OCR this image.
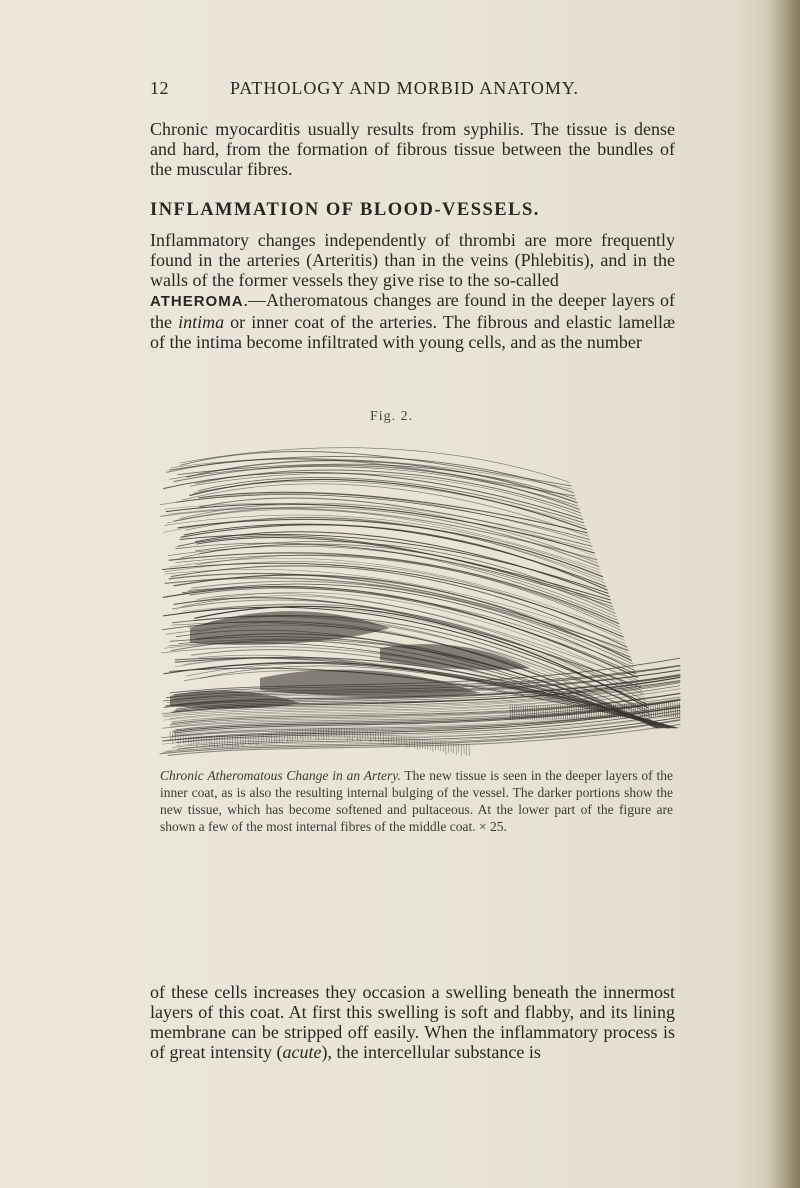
12	PATHOLOGY AND MORBID ANATOMY.

Chronic myocarditis usually results from syphilis. The tissue is dense and hard, from the formation of fibrous tissue between the bundles of the muscular fibres.

INFLAMMATION OF BLOOD-VESSELS.

Inflammatory changes independently of thrombi are more frequently found in the arteries (Arteritis) than in the veins (Phlebitis), and in the walls of the former vessels they give rise to the so-called
ATHEROMA.—Atheromatous changes are found in the deeper layers of the intima or inner coat of the arteries. The fibrous and elastic lamellæ of the intima become infiltrated with young cells, and as the number

Fig. 2.

Chronic Atheromatous Change in an Artery. The new tissue is seen in the deeper layers of the inner coat, as is also the resulting internal bulging of the vessel. The darker portions show the new tissue, which has become softened and pultaceous. At the lower part of the figure are shown a few of the most internal fibres of the middle coat. × 25.

of these cells increases they occasion a swelling beneath the innermost layers of this coat. At first this swelling is soft and flabby, and its lining membrane can be stripped off easily. When the inflammatory process is of great intensity (acute), the intercellular substance is
